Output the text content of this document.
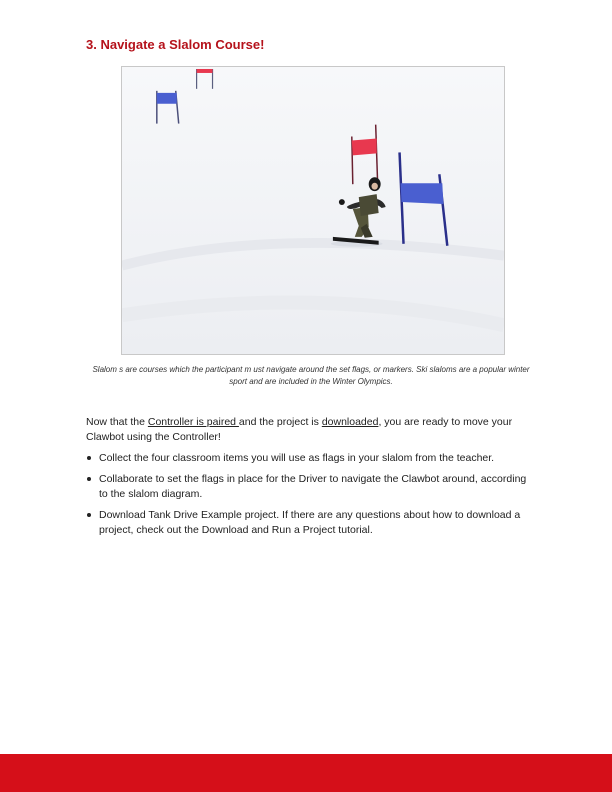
3. Navigate a Slalom Course!

Slalom s are courses which the participant m ust navigate around the set flags, or markers. Ski slaloms are a popular winter sport and are included in the Winter Olympics.

Now that the Controller is paired and the project is downloaded, you are ready to move your Clawbot using the Controller!

Collect the four classroom items you will use as flags in your slalom from the teacher.
Collaborate to set the flags in place for the Driver to navigate the Clawbot around, according to the slalom diagram.
Download Tank Drive Example project. If there are any questions about how to download a project, check out the Download and Run a Project tutorial.
